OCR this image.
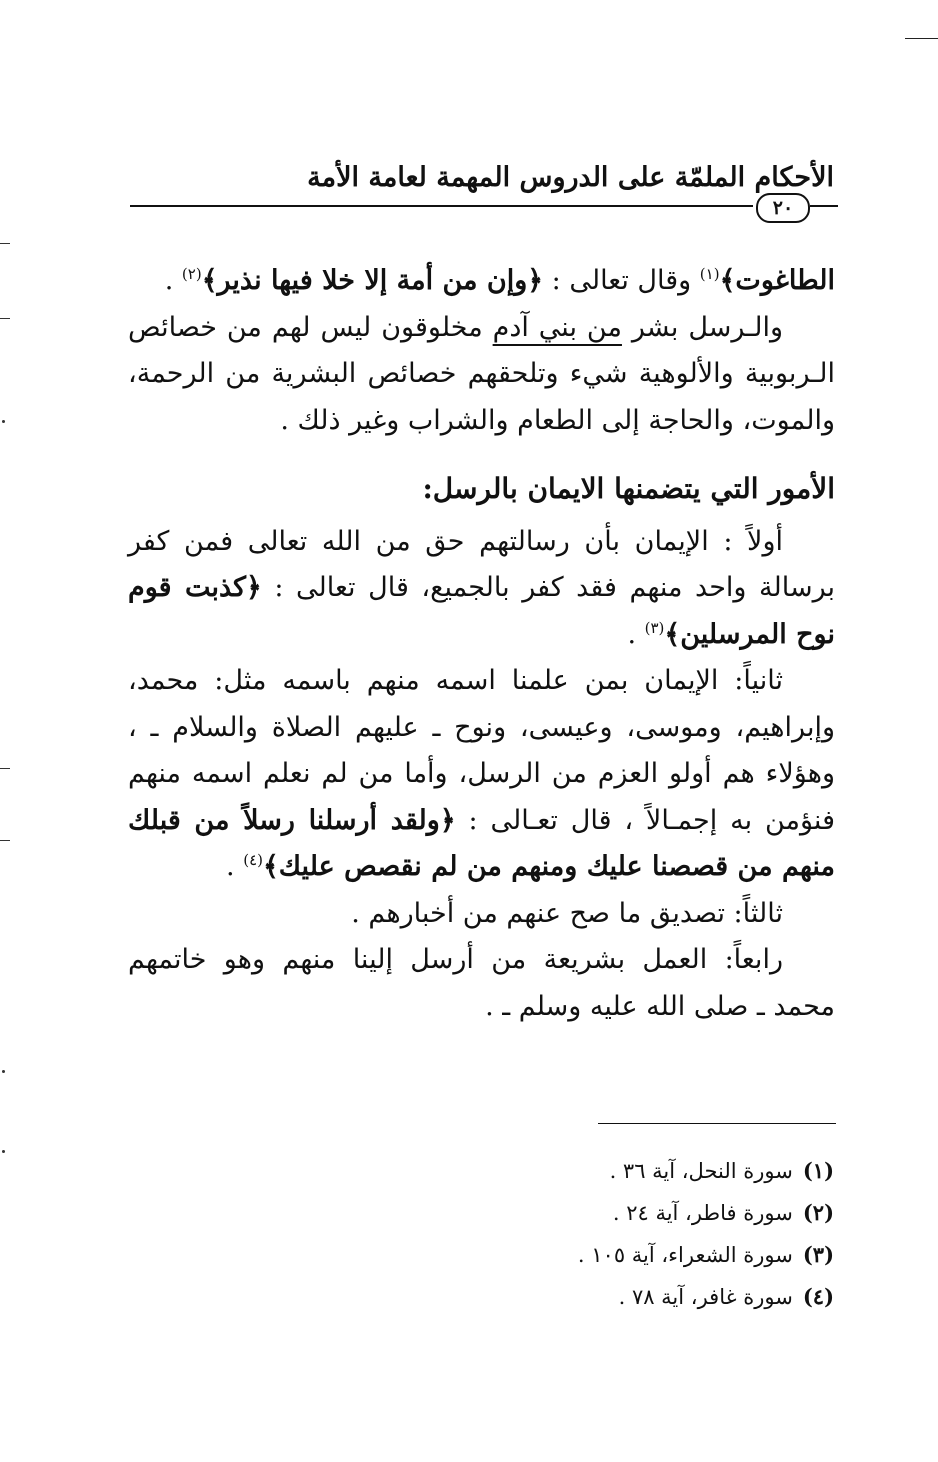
الأحكام الملمّة على الدروس المهمة لعامة الأمة
٢٠

الطاغوت﴾$^{(١)}$ وقال تعالى : ﴿وإن من أمة إلا خلا فيها نذير﴾$^{(٢)}$ .

والـرسل بشر من بني آدم مخلوقون ليس لهم من خصائص الـربوبية والألوهية شيء وتلحقهم خصائص البشرية من الرحمة، والموت، والحاجة إلى الطعام والشراب وغير ذلك .

الأمور التي يتضمنها الايمان بالرسل:

أولاً : الإيمان بأن رسالتهم حق من الله تعالى فمن كفر برسالة واحد منهم فقد كفر بالجميع، قال تعالى : ﴿كذبت قوم نوح المرسلين﴾$^{(٣)}$ .

ثانياً: الإيمان بمن علمنا اسمه منهم باسمه مثل: محمد، وإبراهيم، وموسى، وعيسى، ونوح ـ عليهم الصلاة والسلام ـ ، وهؤلاء هم أولو العزم من الرسل، وأما من لم نعلم اسمه منهم فنؤمن به إجمـالاً ، قال تعـالى : ﴿ولقد أرسلنا رسلاً من قبلك منهم من قصصنا عليك ومنهم من لم نقصص عليك﴾$^{(٤)}$ .

ثالثاً: تصديق ما صح عنهم من أخبارهم .

رابعاً: العمل بشريعة من أرسل إلينا منهم وهو خاتمهم محمد ـ صلى الله عليه وسلم ـ .

(١)سورة النحل، آية ٣٦ .
(٢)سورة فاطر، آية ٢٤ .
(٣)سورة الشعراء، آية ١٠٥ .
(٤)سورة غافر، آية ٧٨ .
